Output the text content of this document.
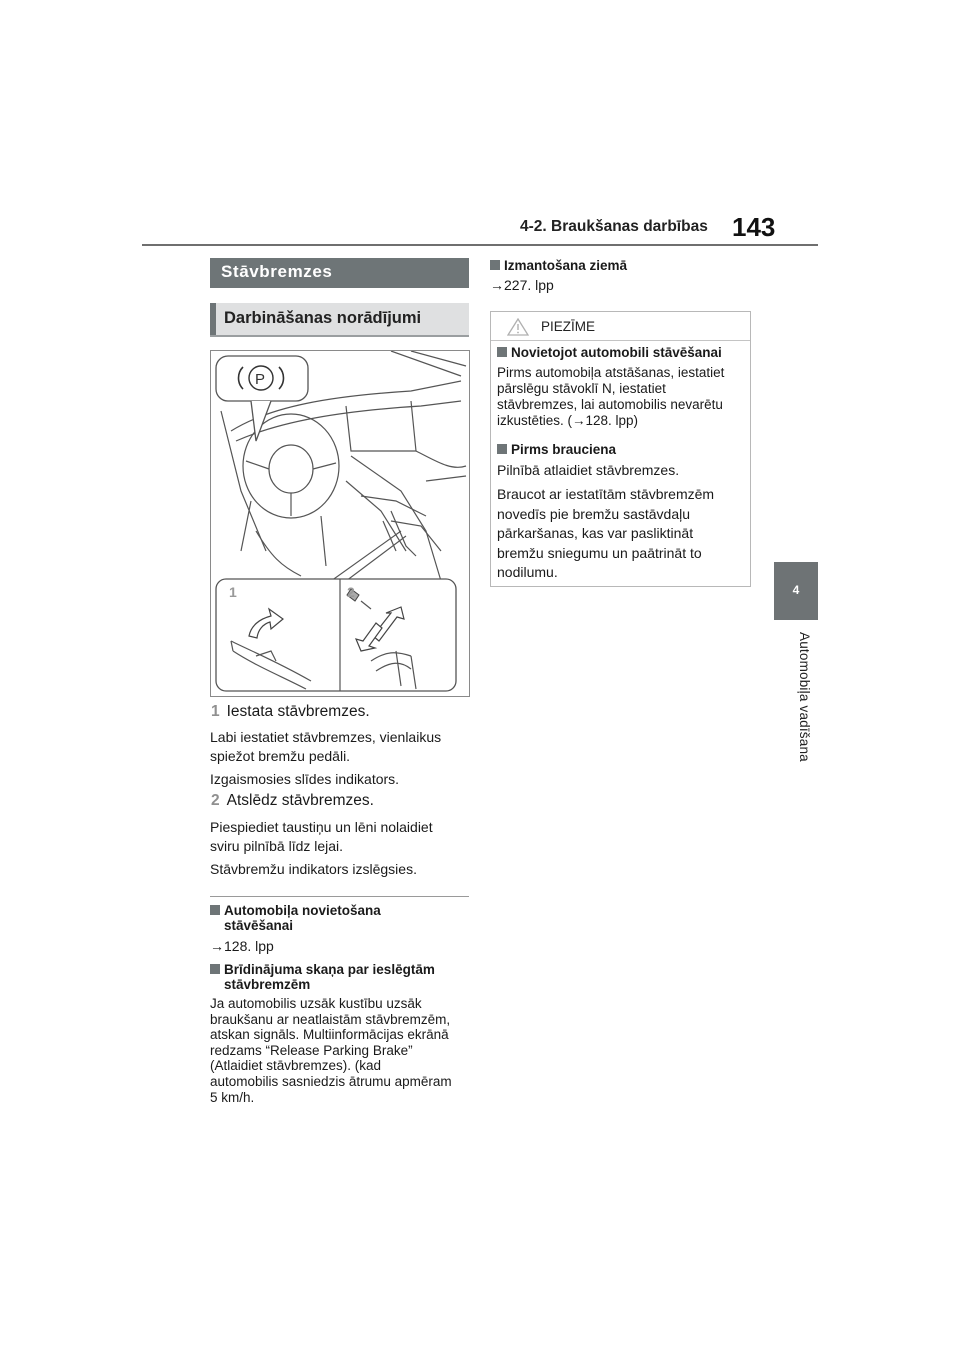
4-2. Braukšanas darbības 143
4
Automobiļa vadīšana
Stāvbremzes
Darbināšanas norādījumi
P
1	2
1 Iestata stāvbremzes.
Labi iestatiet stāvbremzes, vienlaikus
spiežot bremžu pedāli.
Izgaismosies slīdes indikators.
2 Atslēdz stāvbremzes.
Piespiediet taustiņu un lēni nolaidiet
sviru pilnībā līdz lejai.
Stāvbremžu indikators izslēgsies.
Automobiļa novietošana
stāvēšanai
→128. lpp
Brīdinājuma skaņa par ieslēgtām
stāvbremzēm
Ja automobilis uzsāk kustību uzsāk
braukšanu ar neatlaistām stāvbremzēm,
atskan signāls. Multiinformācijas ekrānā
redzams “Release Parking Brake”
(Atlaidiet stāvbremzes). (kad
automobilis sasniedzis ātrumu apmēram
5 km/h.
Izmantošana ziemā
→227. lpp
PIEZĪME
Novietojot automobili stāvēšanai
Pirms automobiļa atstāšanas, iestatiet
pārslēgu stāvoklī N, iestatiet
stāvbremzes, lai automobilis nevarētu
izkustēties. (→128. lpp)
Pirms brauciena
Pilnībā atlaidiet stāvbremzes.
Braucot ar iestatītām stāvbremzēm
novedīs pie bremžu sastāvdaļu
pārkaršanas, kas var pasliktināt
bremžu sniegumu un paātrināt to
nodilumu.
